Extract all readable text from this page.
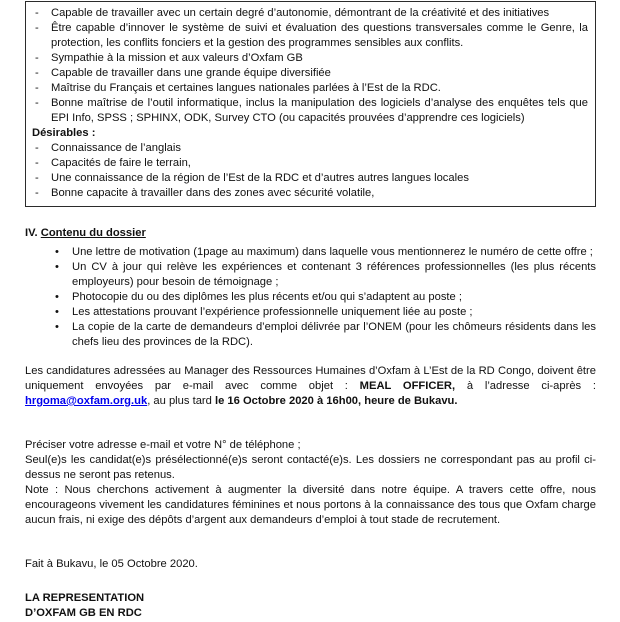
-	Capable de travailler avec un certain degré d’autonomie, démontrant de la créativité et des initiatives
-	Être capable d’innover le système de suivi et évaluation des questions transversales comme le Genre, la protection, les conflits fonciers et la gestion des programmes sensibles aux conflits.
-	Sympathie à la mission et aux valeurs d’Oxfam GB
-	Capable de travailler dans une grande équipe diversifiée
-	Maîtrise du Français et certaines langues nationales parlées à l’Est de la RDC.
-	Bonne maîtrise de l’outil informatique, inclus la manipulation des logiciels d’analyse des enquêtes tels que EPI Info, SPSS ; SPHINX, ODK, Survey CTO (ou capacités prouvées d’apprendre ces logiciels)
Désirables :
-	Connaissance de l’anglais
-	Capacités de faire le terrain,
-	Une connaissance de la région de l’Est de la RDC et d’autres autres langues locales
-	Bonne capacite à travailler dans des zones avec sécurité volatile,
IV. Contenu du dossier
•	Une lettre de motivation (1page au maximum) dans laquelle vous mentionnerez le numéro de cette offre ;
•	Un CV à jour qui relève les expériences et contenant 3 références professionnelles (les plus récents employeurs) pour besoin de témoignage ;
•	Photocopie du ou des diplômes les plus récents et/ou qui s’adaptent au poste ;
•	Les attestations prouvant l’expérience professionnelle uniquement liée au poste ;
•	La copie de la carte de demandeurs d’emploi délivrée par l’ONEM (pour les chômeurs résidents dans les chefs lieu des provinces de la RDC).
Les candidatures adressées au Manager des Ressources Humaines d’Oxfam à L’Est de la RD Congo, doivent être uniquement envoyées par e-mail avec comme objet : MEAL OFFICER, à l’adresse ci-après : hrgoma@oxfam.org.uk, au plus tard le 16 Octobre 2020 à 16h00, heure de Bukavu.

Préciser votre adresse e-mail et votre N° de téléphone ;

Seul(e)s les candidat(e)s présélectionné(e)s seront contacté(e)s. Les dossiers ne correspondant pas au profil ci-dessus ne seront pas retenus.

Note : Nous cherchons activement à augmenter la diversité dans notre équipe. A travers cette offre, nous encourageons vivement les candidatures féminines et nous portons à la connaissance des tous que Oxfam charge aucun frais, ni exige des dépôts d’argent aux demandeurs d’emploi à tout stade de recrutement.

Fait à Bukavu, le 05 Octobre 2020.
LA REPRESENTATION
D’OXFAM GB EN RDC
